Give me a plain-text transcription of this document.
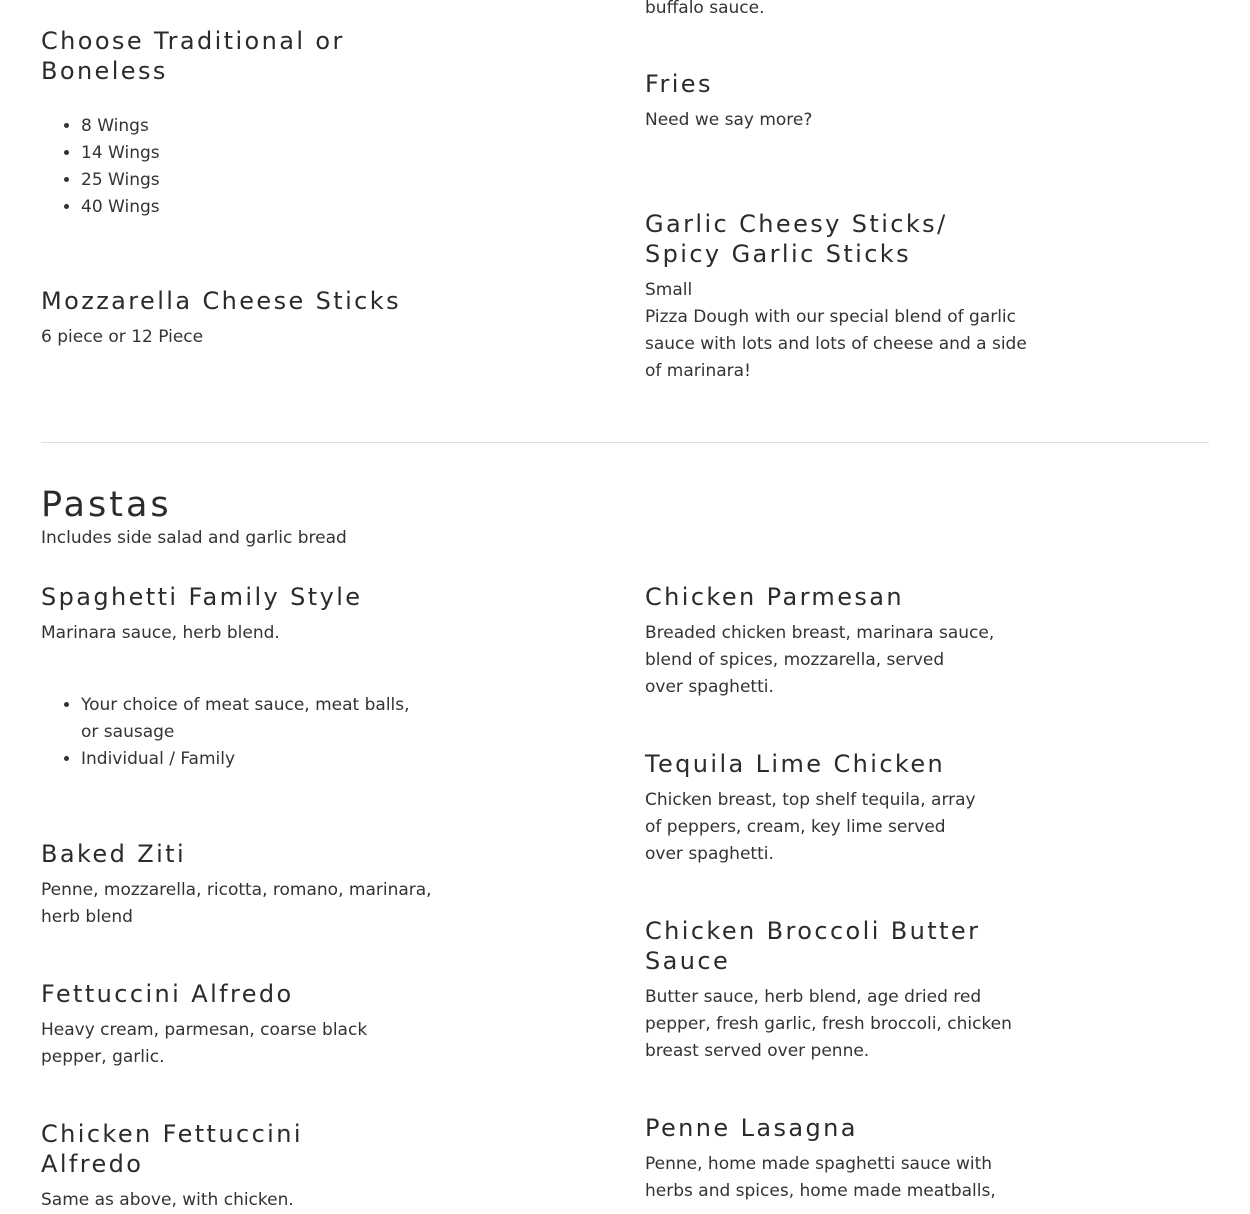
Choose Traditional or
Boneless
• 8 Wings
• 14 Wings
• 25 Wings
• 40 Wings

buffalo sauce.

Fries

Need we say more?

Mozzarella Cheese Sticks

6 piece or 12 Piece

Garlic Cheesy Sticks/
Spicy Garlic Sticks

Small

Pizza Dough with our special blend of garlic
sauce with lots and lots of cheese and a side
of marinara!

Pastas

Includes side salad and garlic bread

Spaghetti Family Style

Marinara sauce, herb blend.

• Your choice of meat sauce, meat balls,
or sausage
• Individual / Family
Chicken Parmesan

Breaded chicken breast, marinara sauce,
blend of spices, mozzarella, served
over spaghetti.

Tequila Lime Chicken

Chicken breast, top shelf tequila, array
of peppers, cream, key lime served
over spaghetti.

Baked Ziti

Penne, mozzarella, ricotta, romano, marinara,
herb blend	Chicken Broccoli Butter
Sauce

Butter sauce, herb blend, age dried red
pepper, fresh garlic, fresh broccoli, chicken
breast served over penne.

Fettuccini Alfredo

Heavy cream, parmesan, coarse black
pepper, garlic.

Chicken Fettuccini
Alfredo

Same as above, with chicken.

Penne Lasagna

Penne, home made spaghetti sauce with
herbs and spices, home made meatballs,
